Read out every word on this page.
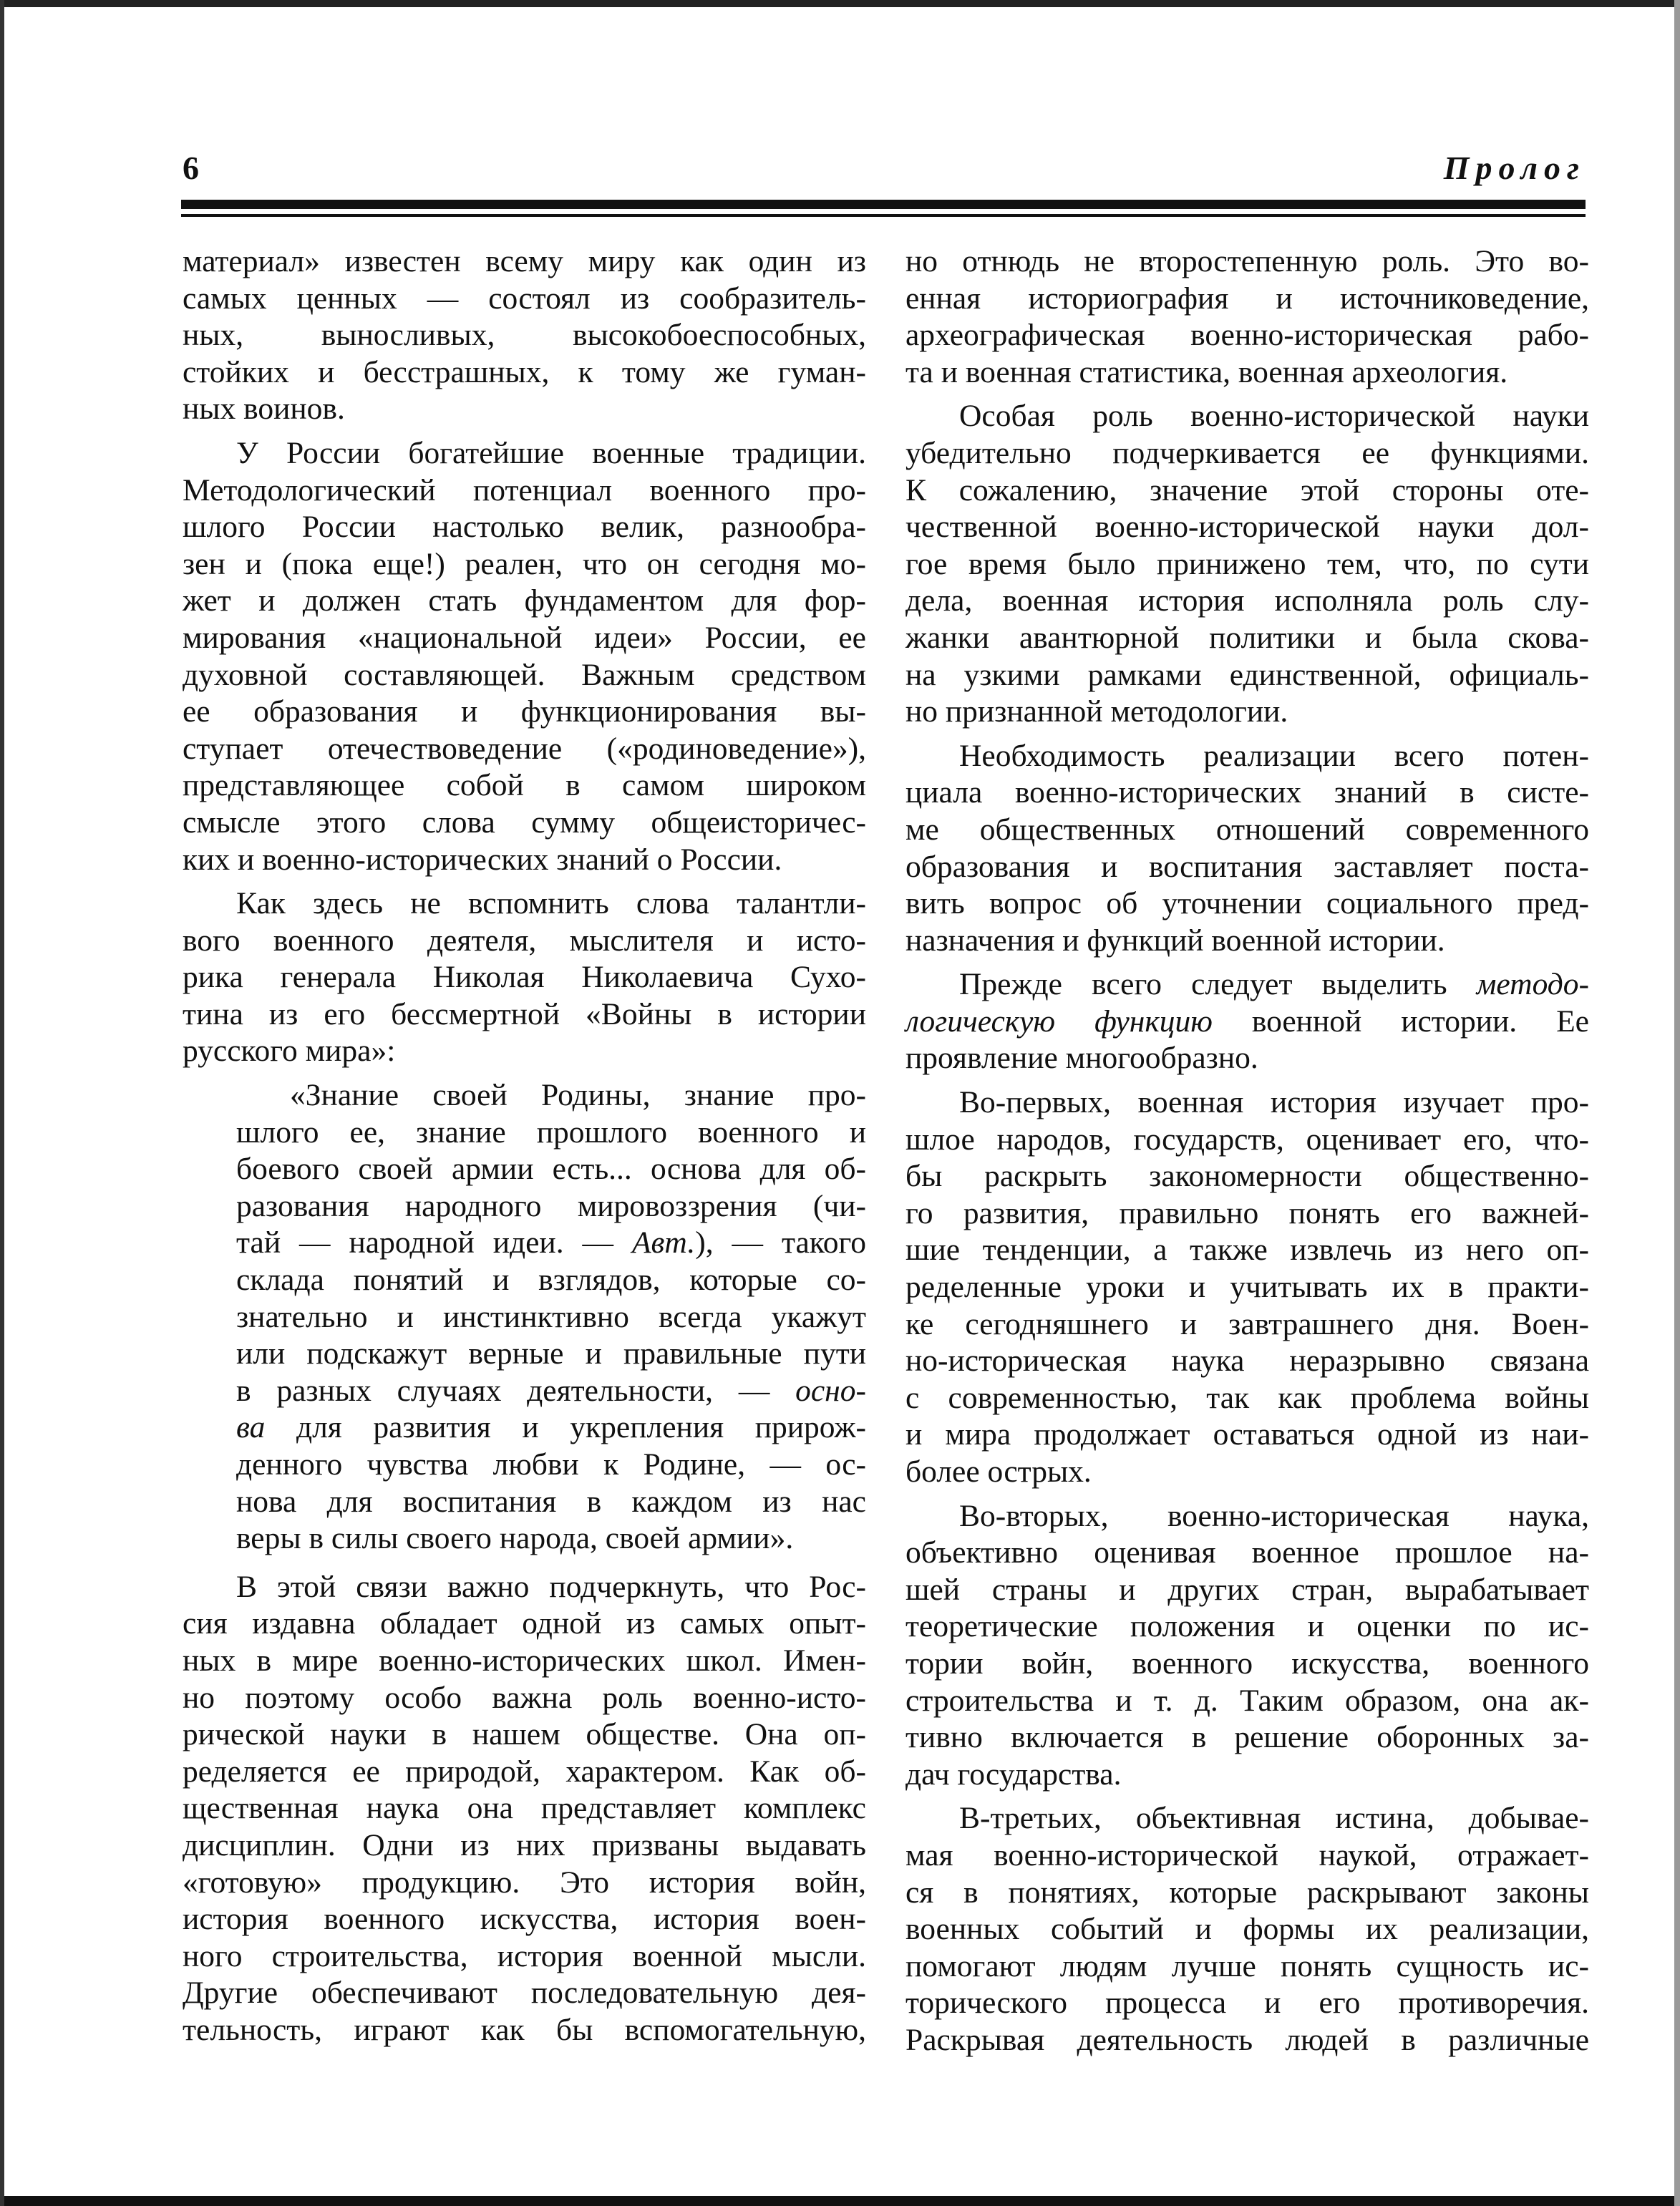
6	Пролог
материал» известен всему миру как один из
самых ценных — состоял из сообразитель-
ных, выносливых, высокобоеспособных,
стойких и бесстрашных, к тому же гуман-
ных воинов.
У России богатейшие военные традиции.
Методологический потенциал военного про-
шлого России настолько велик, разнообра-
зен и (пока еще!) реален, что он сегодня мо-
жет и должен стать фундаментом для фор-
мирования «национальной идеи» России, ее
духовной составляющей. Важным средством
ее образования и функционирования вы-
ступает отечествоведение («родиноведение»),
представляющее собой в самом широком
смысле этого слова сумму общеисторичес-
ких и военно-исторических знаний о России.
Как здесь не вспомнить слова талантли-
вого военного деятеля, мыслителя и исто-
рика генерала Николая Николаевича Сухо-
тина из его бессмертной «Войны в истории
русского мира»:
«Знание своей Родины, знание про-
шлого ее, знание прошлого военного и
боевого своей армии есть... основа для об-
разования народного мировоззрения (чи-
тай — народной идеи. — Авт.), — такого
склада понятий и взглядов, которые со-
знательно и инстинктивно всегда укажут
или подскажут верные и правильные пути
в разных случаях деятельности, — осно-
ва для развития и укрепления прирож-
денного чувства любви к Родине, — ос-
нова для воспитания в каждом из нас
веры в силы своего народа, своей армии».
В этой связи важно подчеркнуть, что Рос-
сия издавна обладает одной из самых опыт-
ных в мире военно-исторических школ. Имен-
но поэтому особо важна роль военно-исто-
рической науки в нашем обществе. Она оп-
ределяется ее природой, характером. Как об-
щественная наука она представляет комплекс
дисциплин. Одни из них призваны выдавать
«готовую» продукцию. Это история войн,
история военного искусства, история воен-
ного строительства, история военной мысли.
Другие обеспечивают последовательную дея-
тельность, играют как бы вспомогательную,
но отнюдь не второстепенную роль. Это во-
енная историография и источниковедение,
археографическая военно-историческая рабо-
та и военная статистика, военная археология.
Особая роль военно-исторической науки
убедительно подчеркивается ее функциями.
К сожалению, значение этой стороны оте-
чественной военно-исторической науки дол-
гое время было принижено тем, что, по сути
дела, военная история исполняла роль слу-
жанки авантюрной политики и была скова-
на узкими рамками единственной, официаль-
но признанной методологии.
Необходимость реализации всего потен-
циала военно-исторических знаний в систе-
ме общественных отношений современного
образования и воспитания заставляет поста-
вить вопрос об уточнении социального пред-
назначения и функций военной истории.
Прежде всего следует выделить методо-
логическую функцию военной истории. Ее
проявление многообразно.
Во-первых, военная история изучает про-
шлое народов, государств, оценивает его, что-
бы раскрыть закономерности общественно-
го развития, правильно понять его важней-
шие тенденции, а также извлечь из него оп-
ределенные уроки и учитывать их в практи-
ке сегодняшнего и завтрашнего дня. Воен-
но-историческая наука неразрывно связана
с современностью, так как проблема войны
и мира продолжает оставаться одной из наи-
более острых.
Во-вторых, военно-историческая наука,
объективно оценивая военное прошлое на-
шей страны и других стран, вырабатывает
теоретические положения и оценки по ис-
тории войн, военного искусства, военного
строительства и т. д. Таким образом, она ак-
тивно включается в решение оборонных за-
дач государства.
В-третьих, объективная истина, добывае-
мая военно-исторической наукой, отражает-
ся в понятиях, которые раскрывают законы
военных событий и формы их реализации,
помогают людям лучше понять сущность ис-
торического процесса и его противоречия.
Раскрывая деятельность людей в различные
